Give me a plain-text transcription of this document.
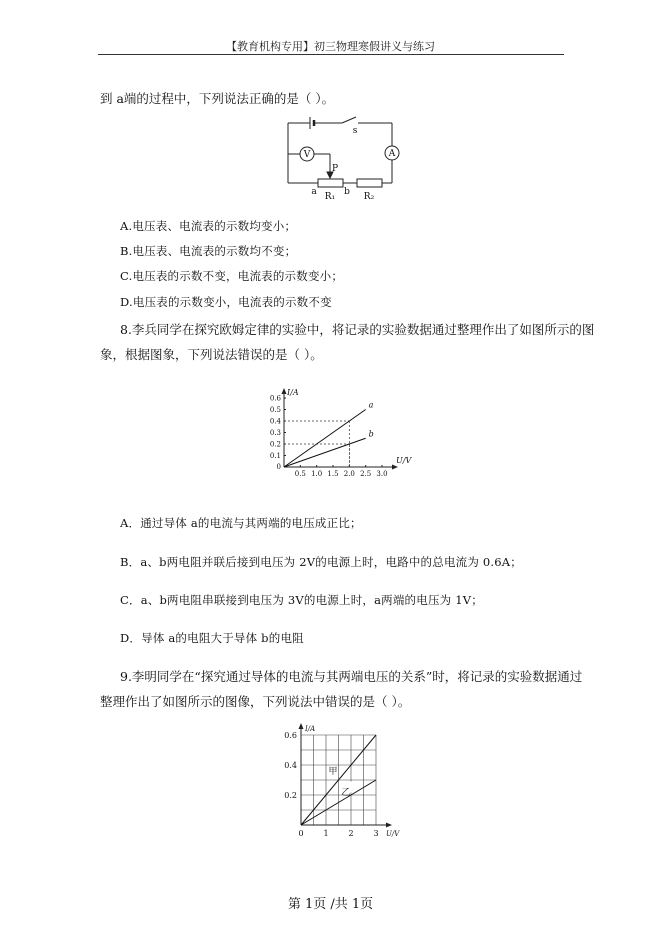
【教育机构专用】初三物理寒假讲义与练习
到 a端的过程中，下列说法正确的是（ ）。
V	A
s
P
a	b
R₁	R₂
A.电压表、电流表的示数均变小；
B.电压表、电流表的示数均不变；
C.电压表的示数不变，电流表的示数变小；
D.电压表的示数变小，电流表的示数不变
8.李兵同学在探究欧姆定律的实验中，将记录的实验数据通过整理作出了如图所示的图
象，根据图象，下列说法错误的是（ ）。
0.5 1.0 1.5 2.0 2.5 3.0
0.1
0.2
0.3
0.4
0.5
0.6
a
b
U/V
I/A
0
A．通过导体 a的电流与其两端的电压成正比；
B．a、b两电阻并联后接到电压为 2V的电源上时，电路中的总电流为 0.6A；
C．a、b两电阻串联接到电压为 3V的电源上时，a两端的电压为 1V；
D．导体 a的电阻大于导体 b的电阻
9.李明同学在“探究通过导体的电流与其两端电压的关系”时，将记录的实验数据通过
整理作出了如图所示的图像，下列说法中错误的是（ ）。
0 1 2 3
0.2
0.4
0.6
甲
乙
U/V
I/A
第 1页 /共 1页
